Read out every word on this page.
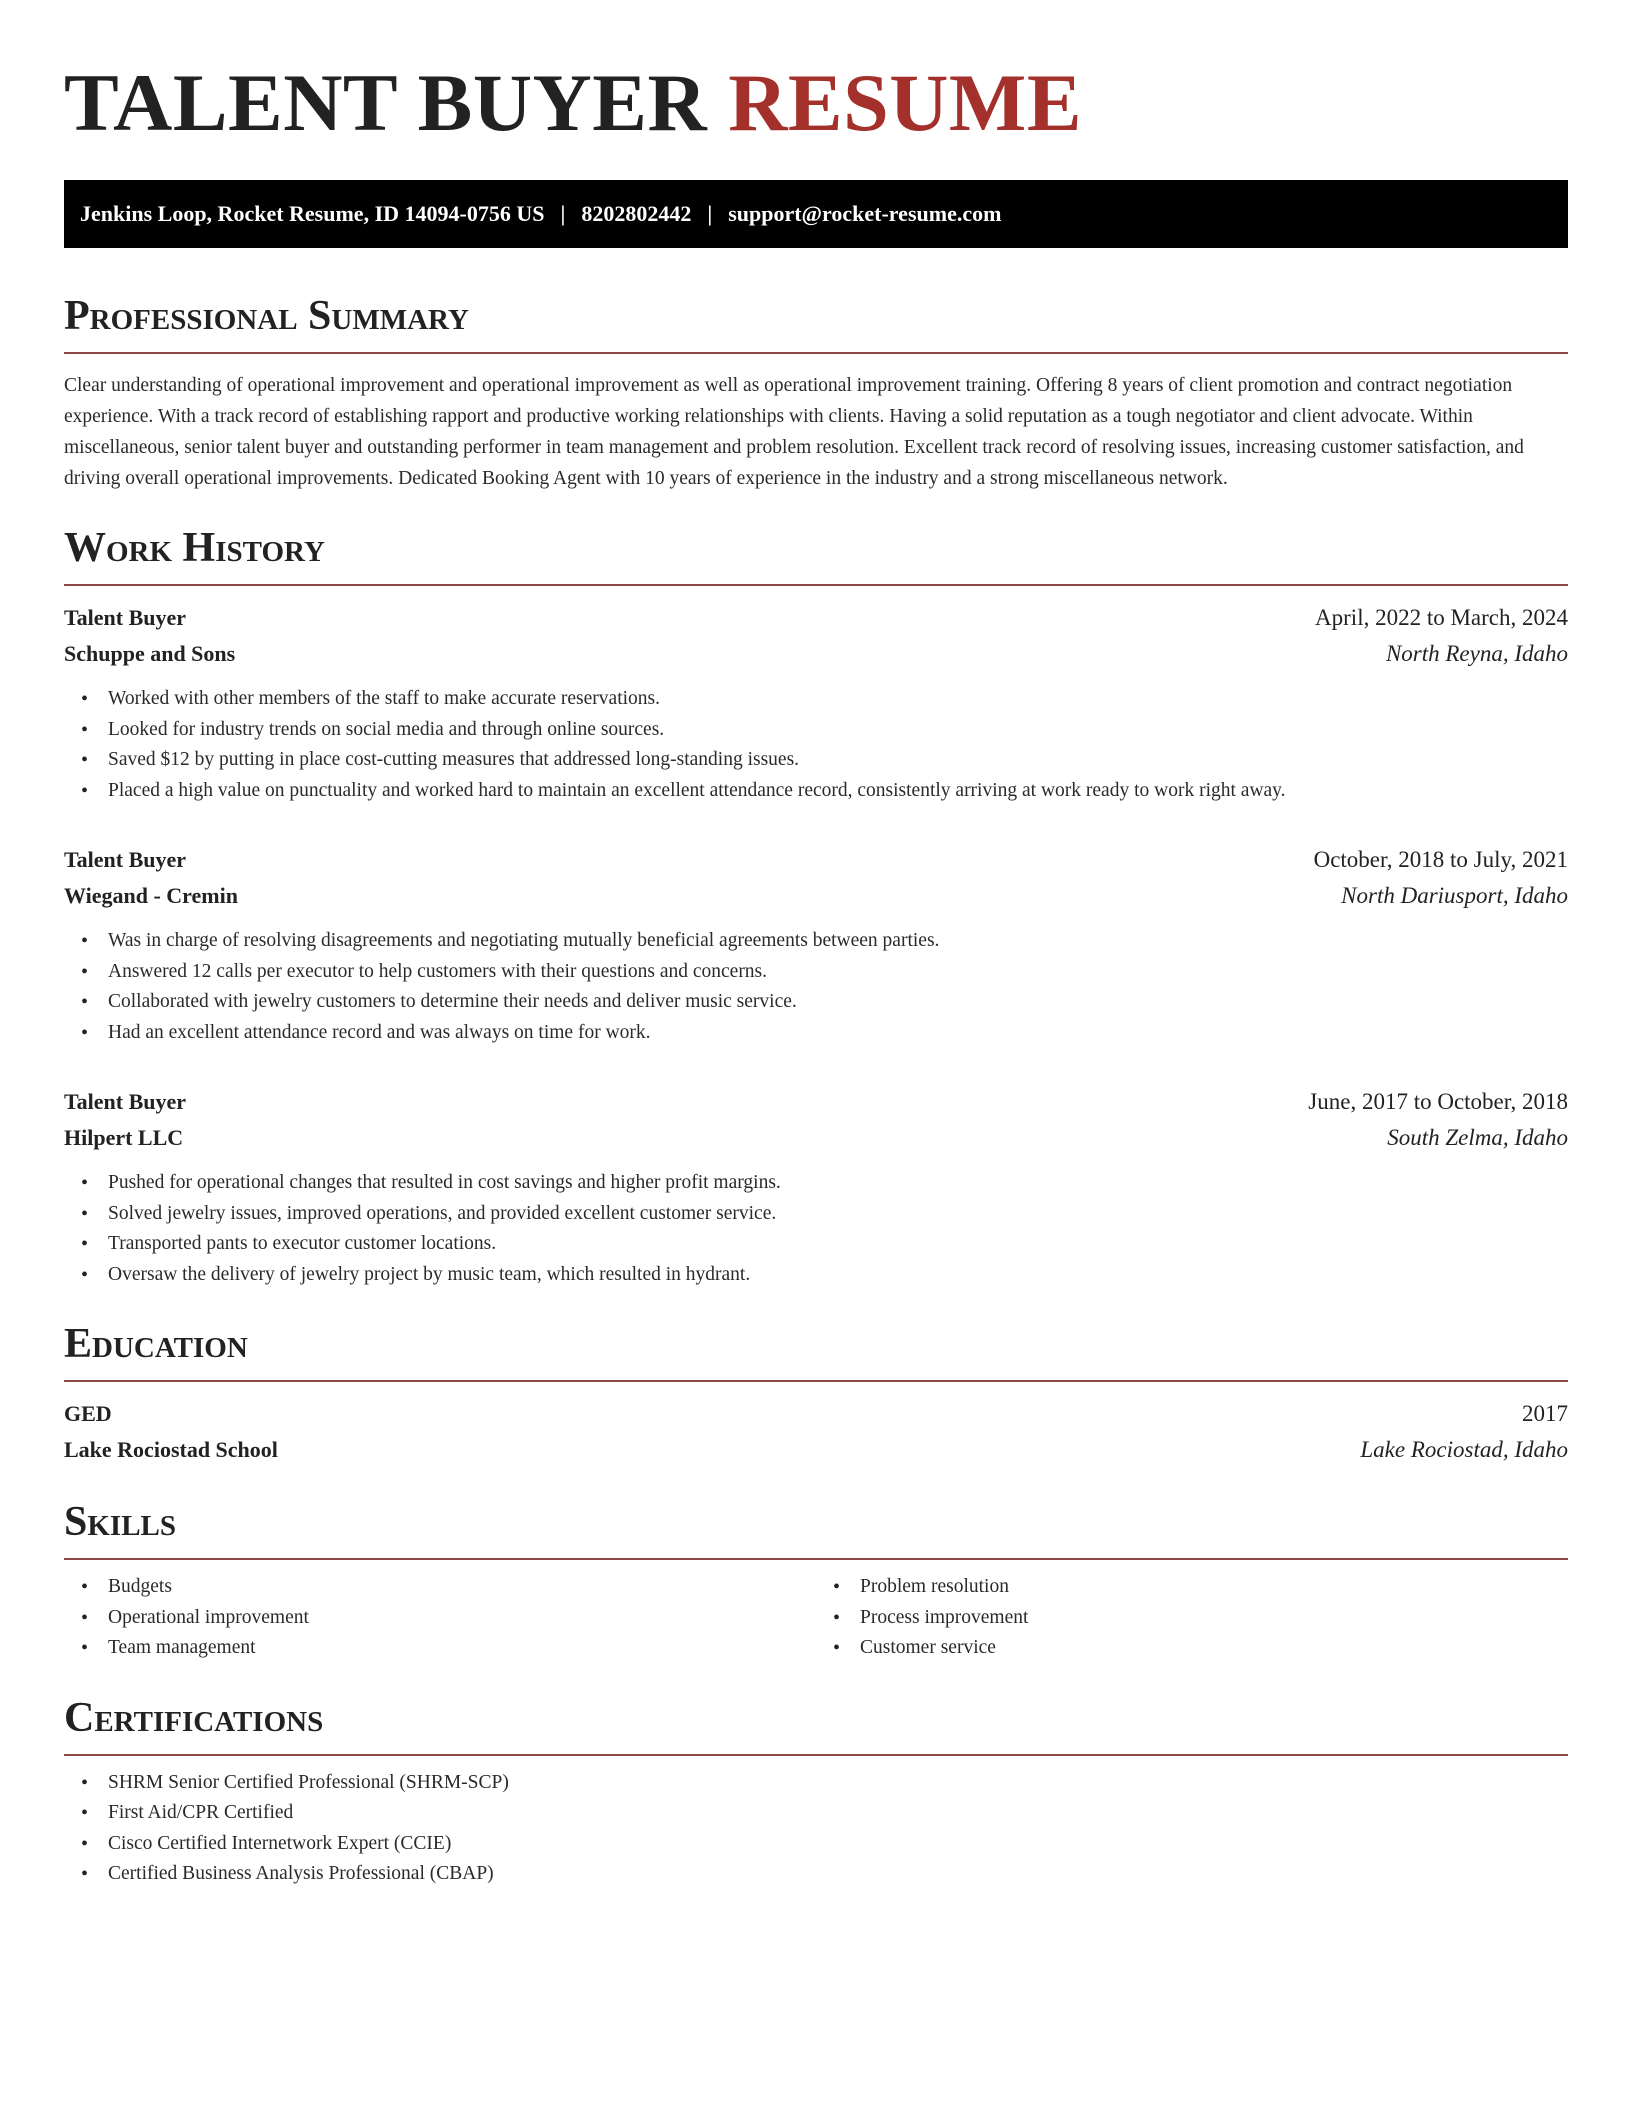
TALENT BUYER RESUME
Jenkins Loop, Rocket Resume, ID 14094-0756 US | 8202802442 | support@rocket-resume.com
Professional Summary

Clear understanding of operational improvement and operational improvement as well as operational improvement training. Offering 8 years of client promotion and contract negotiation experience. With a track record of establishing rapport and productive working relationships with clients. Having a solid reputation as a tough negotiator and client advocate. Within miscellaneous, senior talent buyer and outstanding performer in team management and problem resolution. Excellent track record of resolving issues, increasing customer satisfaction, and driving overall operational improvements. Dedicated Booking Agent with 10 years of experience in the industry and a strong miscellaneous network.

Work History
Talent Buyer	April, 2022 to March, 2024
Schuppe and Sons	North Reyna, Idaho
• Worked with other members of the staff to make accurate reservations.
• Looked for industry trends on social media and through online sources.
• Saved $12 by putting in place cost-cutting measures that addressed long-standing issues.
• Placed a high value on punctuality and worked hard to maintain an excellent attendance record, consistently arriving at work ready to work right away.
Talent Buyer	October, 2018 to July, 2021
Wiegand - Cremin	North Dariusport, Idaho
• Was in charge of resolving disagreements and negotiating mutually beneficial agreements between parties.
• Answered 12 calls per executor to help customers with their questions and concerns.
• Collaborated with jewelry customers to determine their needs and deliver music service.
• Had an excellent attendance record and was always on time for work.
Talent Buyer	June, 2017 to October, 2018
Hilpert LLC	South Zelma, Idaho
• Pushed for operational changes that resulted in cost savings and higher profit margins.
• Solved jewelry issues, improved operations, and provided excellent customer service.
• Transported pants to executor customer locations.
• Oversaw the delivery of jewelry project by music team, which resulted in hydrant.
Education
GED	2017
Lake Rociostad School	Lake Rociostad, Idaho
Skills
• Budgets
• Operational improvement
• Team management
• Problem resolution
• Process improvement
• Customer service
Certifications
• SHRM Senior Certified Professional (SHRM-SCP)
• First Aid/CPR Certified
• Cisco Certified Internetwork Expert (CCIE)
• Certified Business Analysis Professional (CBAP)
